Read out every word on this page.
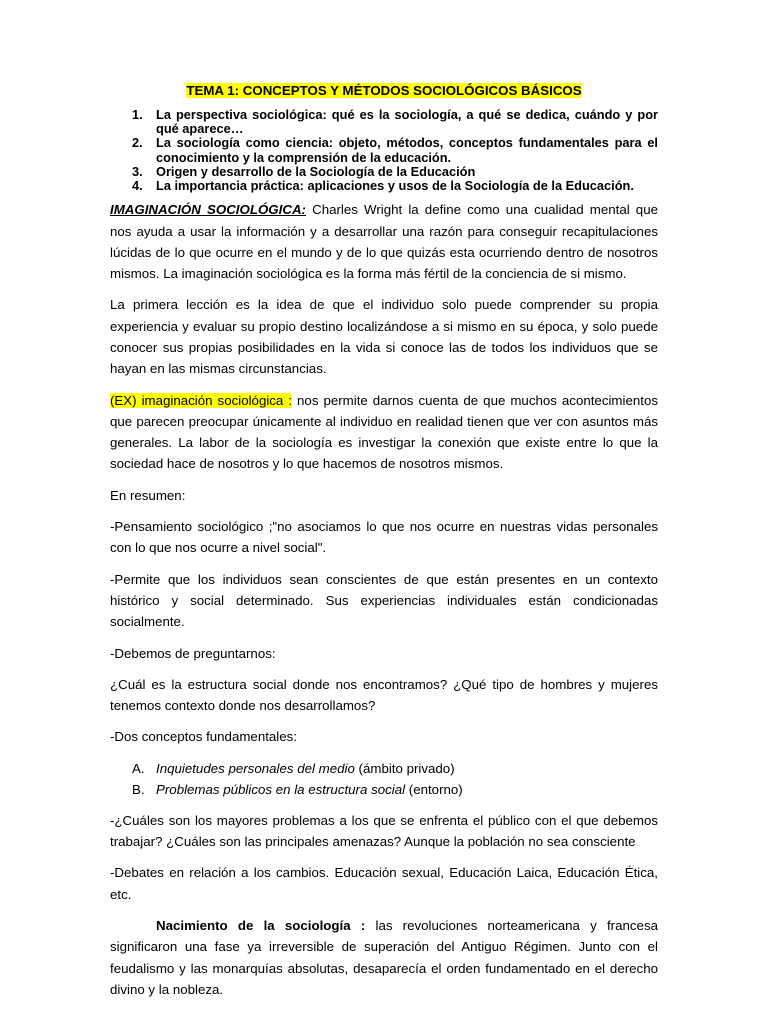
TEMA 1: CONCEPTOS Y MÉTODOS SOCIOLÓGICOS BÁSICOS
1. La perspectiva sociológica: qué es la sociología, a qué se dedica, cuándo y por qué aparece…
2. La sociología como ciencia: objeto, métodos, conceptos fundamentales para el conocimiento y la comprensión de la educación.
3. Origen y desarrollo de la Sociología de la Educación
4. La importancia práctica: aplicaciones y usos de la Sociología de la Educación.

IMAGINACIÓN SOCIOLÓGICA: Charles Wright la define como una cualidad mental que nos ayuda a usar la información y a desarrollar una razón para conseguir recapitulaciones lúcidas de lo que ocurre en el mundo y de lo que quizás esta ocurriendo dentro de nosotros mismos. La imaginación sociológica es la forma más fértil de la conciencia de si mismo.

La primera lección es la idea de que el individuo solo puede comprender su propia experiencia y evaluar su propio destino localizándose a si mismo en su época, y solo puede conocer sus propias posibilidades en la vida si conoce las de todos los individuos que se hayan en las mismas circunstancias.

(EX) imaginación sociológica : nos permite darnos cuenta de que muchos acontecimientos que parecen preocupar únicamente al individuo en realidad tienen que ver con asuntos más generales. La labor de la sociología es investigar la conexión que existe entre lo que la sociedad hace de nosotros y lo que hacemos de nosotros mismos.

En resumen:

-Pensamiento sociológico ;"no asociamos lo que nos ocurre en nuestras vidas personales con lo que nos ocurre a nivel social".

-Permite que los individuos sean conscientes de que están presentes en un contexto histórico y social determinado. Sus experiencias individuales están condicionadas socialmente.

-Debemos de preguntarnos:

¿Cuál es la estructura social donde nos encontramos? ¿Qué tipo de hombres y mujeres tenemos contexto donde nos desarrollamos?

-Dos conceptos fundamentales:

A. Inquietudes personales del medio (ámbito privado)
B. Problemas públicos en la estructura social (entorno)

-¿Cuáles son los mayores problemas a los que se enfrenta el público con el que debemos trabajar? ¿Cuáles son las principales amenazas? Aunque la población no sea consciente

-Debates en relación a los cambios. Educación sexual, Educación Laica, Educación Ética, etc.

Nacimiento de la sociología : las revoluciones norteamericana y francesa significaron una fase ya irreversible de superación del Antiguo Régimen. Junto con el feudalismo y las monarquías absolutas, desaparecía el orden fundamentado en el derecho divino y la nobleza.
